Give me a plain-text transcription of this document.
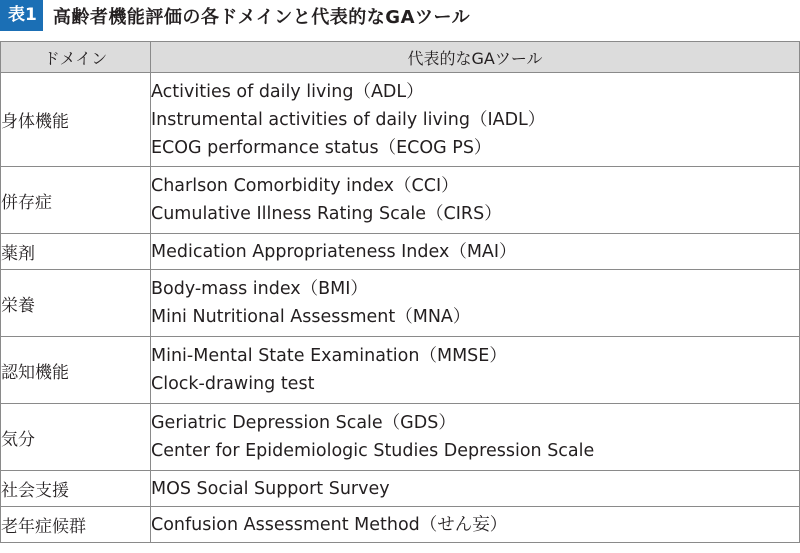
表1 高齢者機能評価の各ドメインと代表的なGAツール
ドメイン	代表的なGAツール
身体機能	Activities of daily living（ADL）
Instrumental activities of daily living（IADL）
ECOG performance status（ECOG PS）

併存症	Charlson Comorbidity index（CCI）
Cumulative Illness Rating Scale（CIRS）

薬剤	Medication Appropriateness Index（MAI）

栄養	Body-mass index（BMI）
Mini Nutritional Assessment（MNA）

認知機能	Mini-Mental State Examination（MMSE）
Clock-drawing test

気分	Geriatric Depression Scale（GDS）
Center for Epidemiologic Studies Depression Scale

社会支援	MOS Social Support Survey

老年症候群	Confusion Assessment Method（せん妄）
